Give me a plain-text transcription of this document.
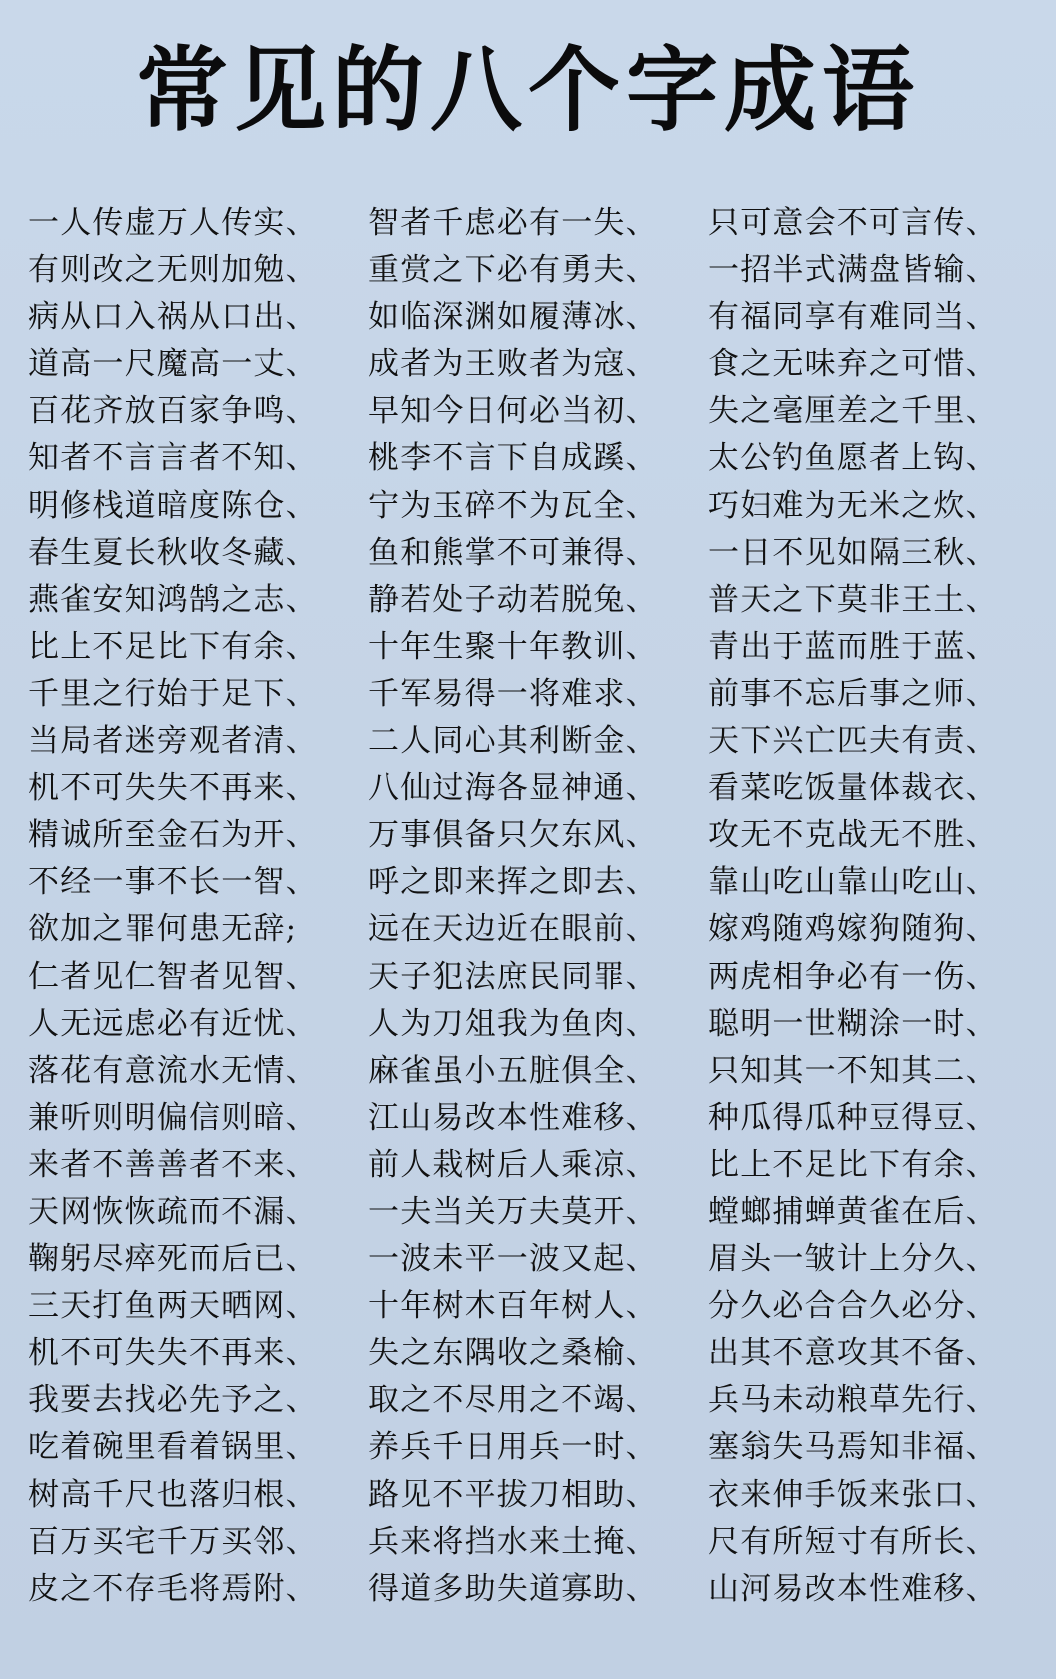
常见的八个字成语
一人传虚万人传实、
有则改之无则加勉、
病从口入祸从口出、
道高一尺魔高一丈、
百花齐放百家争鸣、
知者不言言者不知、
明修栈道暗度陈仓、
春生夏长秋收冬藏、
燕雀安知鸿鹄之志、
比上不足比下有余、
千里之行始于足下、
当局者迷旁观者清、
机不可失失不再来、
精诚所至金石为开、
不经一事不长一智、
欲加之罪何患无辞;
仁者见仁智者见智、
人无远虑必有近忧、
落花有意流水无情、
兼听则明偏信则暗、
来者不善善者不来、
天网恢恢疏而不漏、
鞠躬尽瘁死而后已、
三天打鱼两天晒网、
机不可失失不再来、
我要去找必先予之、
吃着碗里看着锅里、
树高千尺也落归根、
百万买宅千万买邻、
皮之不存毛将焉附、
智者千虑必有一失、
重赏之下必有勇夫、
如临深渊如履薄冰、
成者为王败者为寇、
早知今日何必当初、
桃李不言下自成蹊、
宁为玉碎不为瓦全、
鱼和熊掌不可兼得、
静若处子动若脱兔、
十年生聚十年教训、
千军易得一将难求、
二人同心其利断金、
八仙过海各显神通、
万事俱备只欠东风、
呼之即来挥之即去、
远在天边近在眼前、
天子犯法庶民同罪、
人为刀俎我为鱼肉、
麻雀虽小五脏俱全、
江山易改本性难移、
前人栽树后人乘凉、
一夫当关万夫莫开、
一波未平一波又起、
十年树木百年树人、
失之东隅收之桑榆、
取之不尽用之不竭、
养兵千日用兵一时、
路见不平拔刀相助、
兵来将挡水来土掩、
得道多助失道寡助、
只可意会不可言传、
一招半式满盘皆输、
有福同享有难同当、
食之无味弃之可惜、
失之毫厘差之千里、
太公钓鱼愿者上钩、
巧妇难为无米之炊、
一日不见如隔三秋、
普天之下莫非王土、
青出于蓝而胜于蓝、
前事不忘后事之师、
天下兴亡匹夫有责、
看菜吃饭量体裁衣、
攻无不克战无不胜、
靠山吃山靠山吃山、
嫁鸡随鸡嫁狗随狗、
两虎相争必有一伤、
聪明一世糊涂一时、
只知其一不知其二、
种瓜得瓜种豆得豆、
比上不足比下有余、
螳螂捕蝉黄雀在后、
眉头一皱计上分久、
分久必合合久必分、
出其不意攻其不备、
兵马未动粮草先行、
塞翁失马焉知非福、
衣来伸手饭来张口、
尺有所短寸有所长、
山河易改本性难移、
